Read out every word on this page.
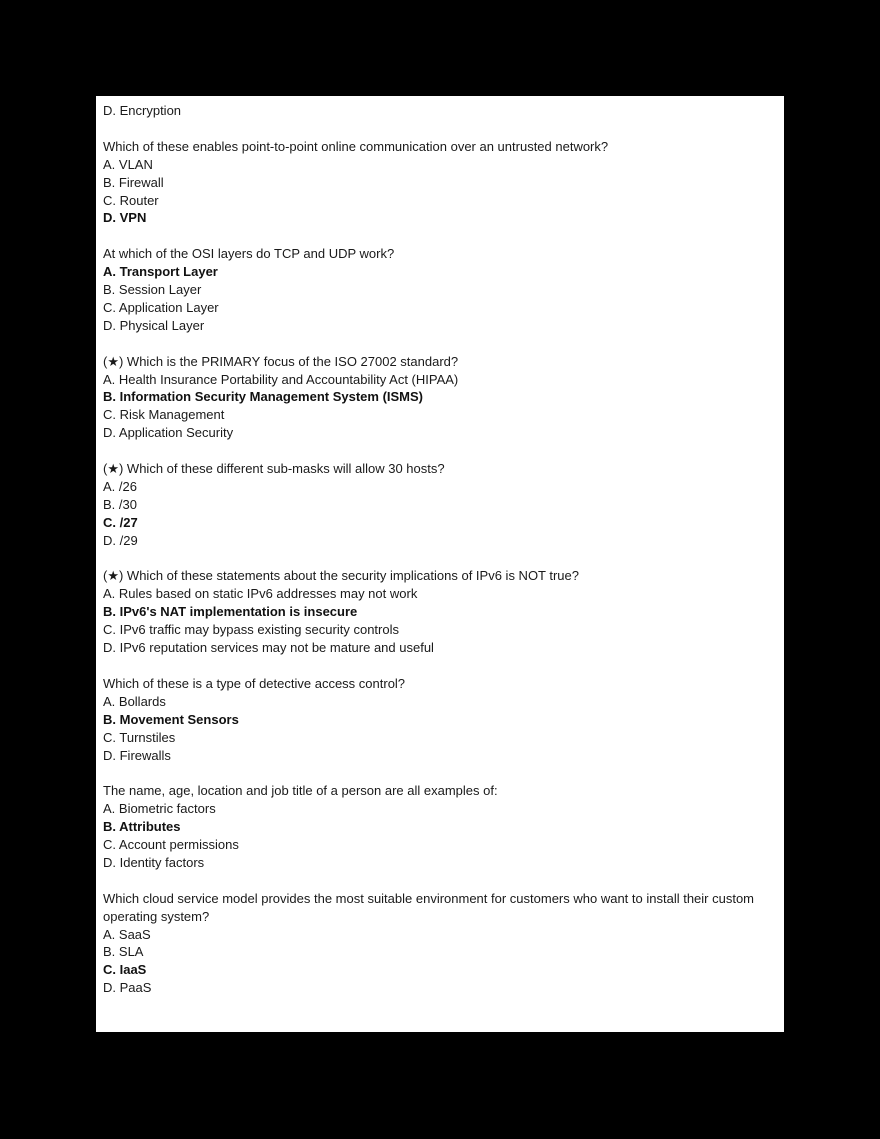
D. Encryption
Which of these enables point-to-point online communication over an untrusted network?
A. VLAN
B. Firewall
C. Router
D. VPN
At which of the OSI layers do TCP and UDP work?
A. Transport Layer
B. Session Layer
C. Application Layer
D. Physical Layer
(★) Which is the PRIMARY focus of the ISO 27002 standard?
A. Health Insurance Portability and Accountability Act (HIPAA)
B. Information Security Management System (ISMS)
C. Risk Management
D. Application Security
(★) Which of these different sub-masks will allow 30 hosts?
A. /26
B. /30
C. /27
D. /29
(★) Which of these statements about the security implications of IPv6 is NOT true?
A. Rules based on static IPv6 addresses may not work
B. IPv6's NAT implementation is insecure
C. IPv6 traffic may bypass existing security controls
D. IPv6 reputation services may not be mature and useful
Which of these is a type of detective access control?
A. Bollards
B. Movement Sensors
C. Turnstiles
D. Firewalls
The name, age, location and job title of a person are all examples of:
A. Biometric factors
B. Attributes
C. Account permissions
D. Identity factors
Which cloud service model provides the most suitable environment for customers who want to install their custom operating system?
A. SaaS
B. SLA
C. IaaS
D. PaaS
